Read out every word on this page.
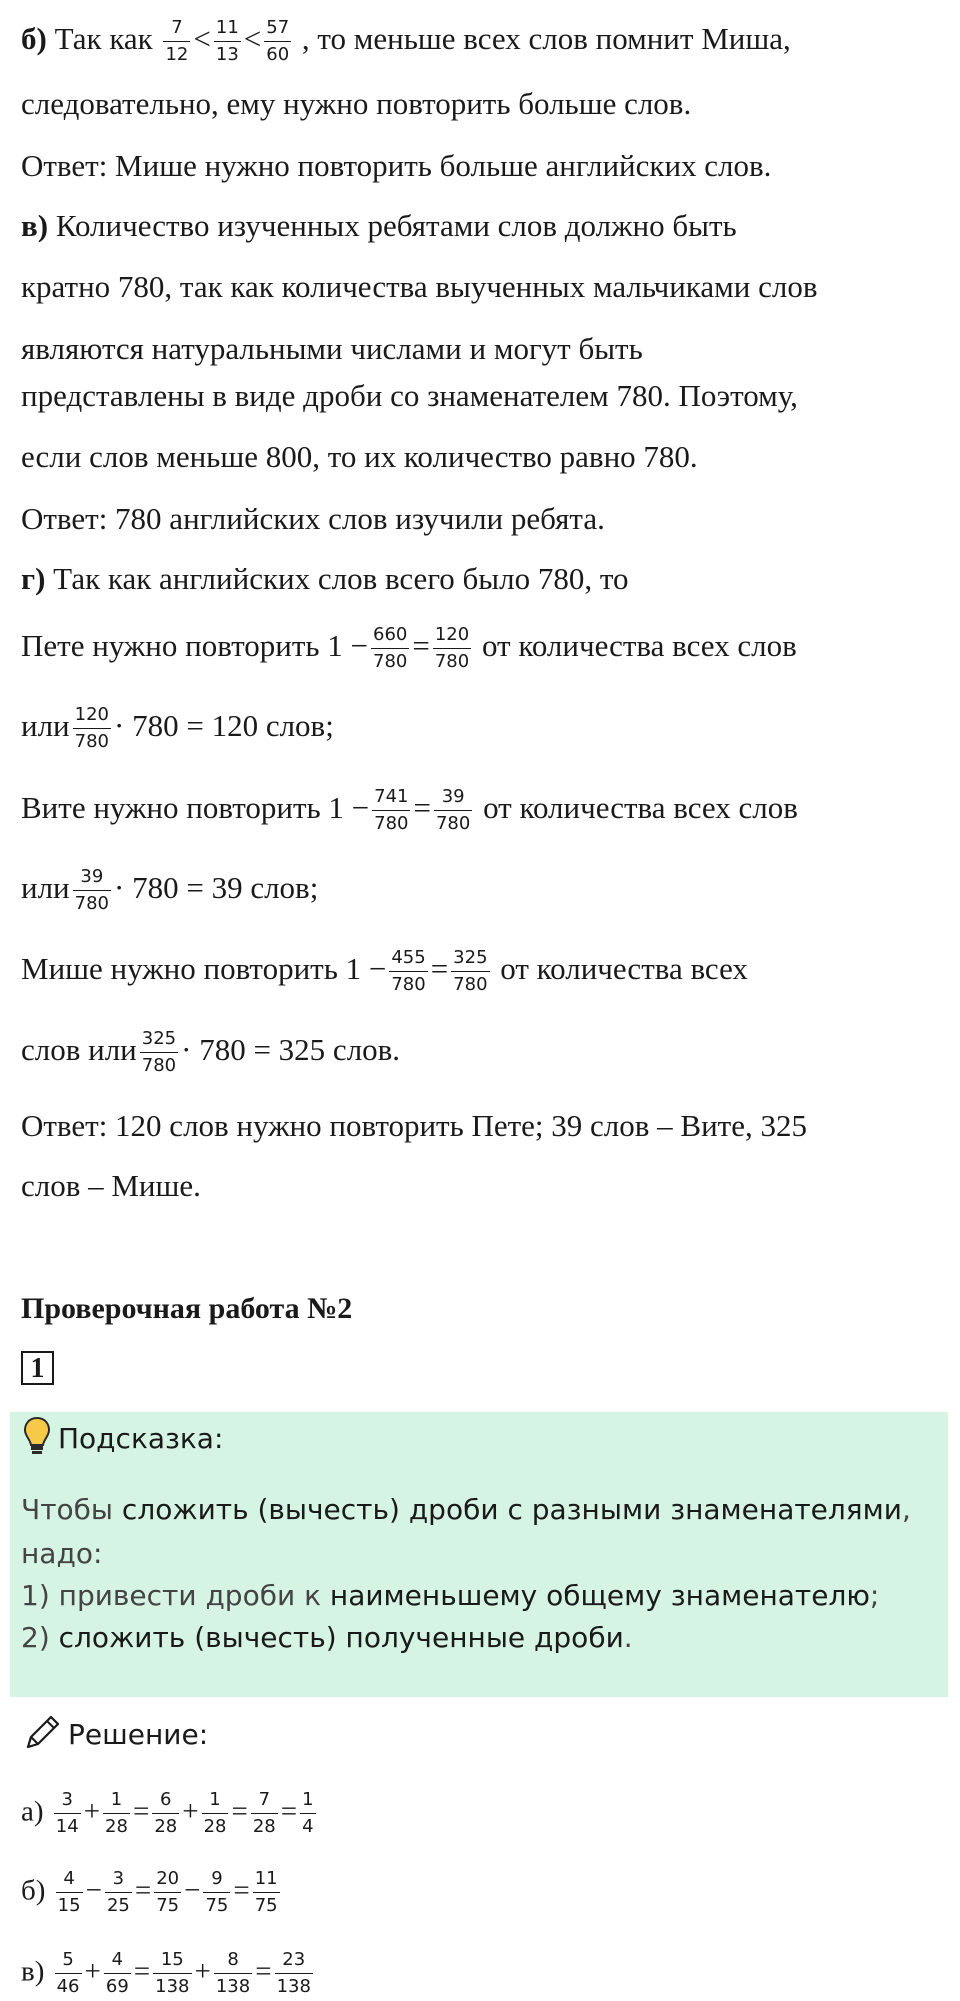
б) Так как $\frac{7}{12} < \frac{11}{13} < \frac{57}{60}$ , то меньше всех слов помнит Миша,
следовательно, ему нужно повторить больше слов.
Ответ: Мише нужно повторить больше английских слов.
в) Количество изученных ребятами слов должно быть
кратно 780, так как количества выученных мальчиками слов
являются натуральными числами и могут быть
представлены в виде дроби со знаменателем 780. Поэтому,
если слов меньше 800, то их количество равно 780.
Ответ: 780 английских слов изучили ребята.
г) Так как английских слов всего было 780, то
Пете нужно повторить $1 - \frac{660}{780} = \frac{120}{780}$ от количества всех слов
или $\frac{120}{780} \cdot 780 = 120$ слов;
Вите нужно повторить $1 - \frac{741}{780} = \frac{39}{780}$ от количества всех слов
или $\frac{39}{780} \cdot 780 = 39$ слов;
Мише нужно повторить $1 - \frac{455}{780} = \frac{325}{780}$ от количества всех
слов или $\frac{325}{780} \cdot 780 = 325$ слов.
Ответ: 120 слов нужно повторить Пете; 39 слов – Вите, 325
слов – Мише.
Проверочная работа №2
1
Подсказка:
Чтобы сложить (вычесть) дроби с разными знаменателями,
надо:
1) привести дроби к наименьшему общему знаменателю;
2) сложить (вычесть) полученные дроби.
Решение:
$а) \frac{3}{14} + \frac{1}{28} = \frac{6}{28} + \frac{1}{28} = \frac{7}{28} = \frac{1}{4}$
$б) \frac{4}{15} - \frac{3}{25} = \frac{20}{75} - \frac{9}{75} = \frac{11}{75}$
$в) \frac{5}{46} + \frac{4}{69} = \frac{15}{138} + \frac{8}{138} = \frac{23}{138}$
